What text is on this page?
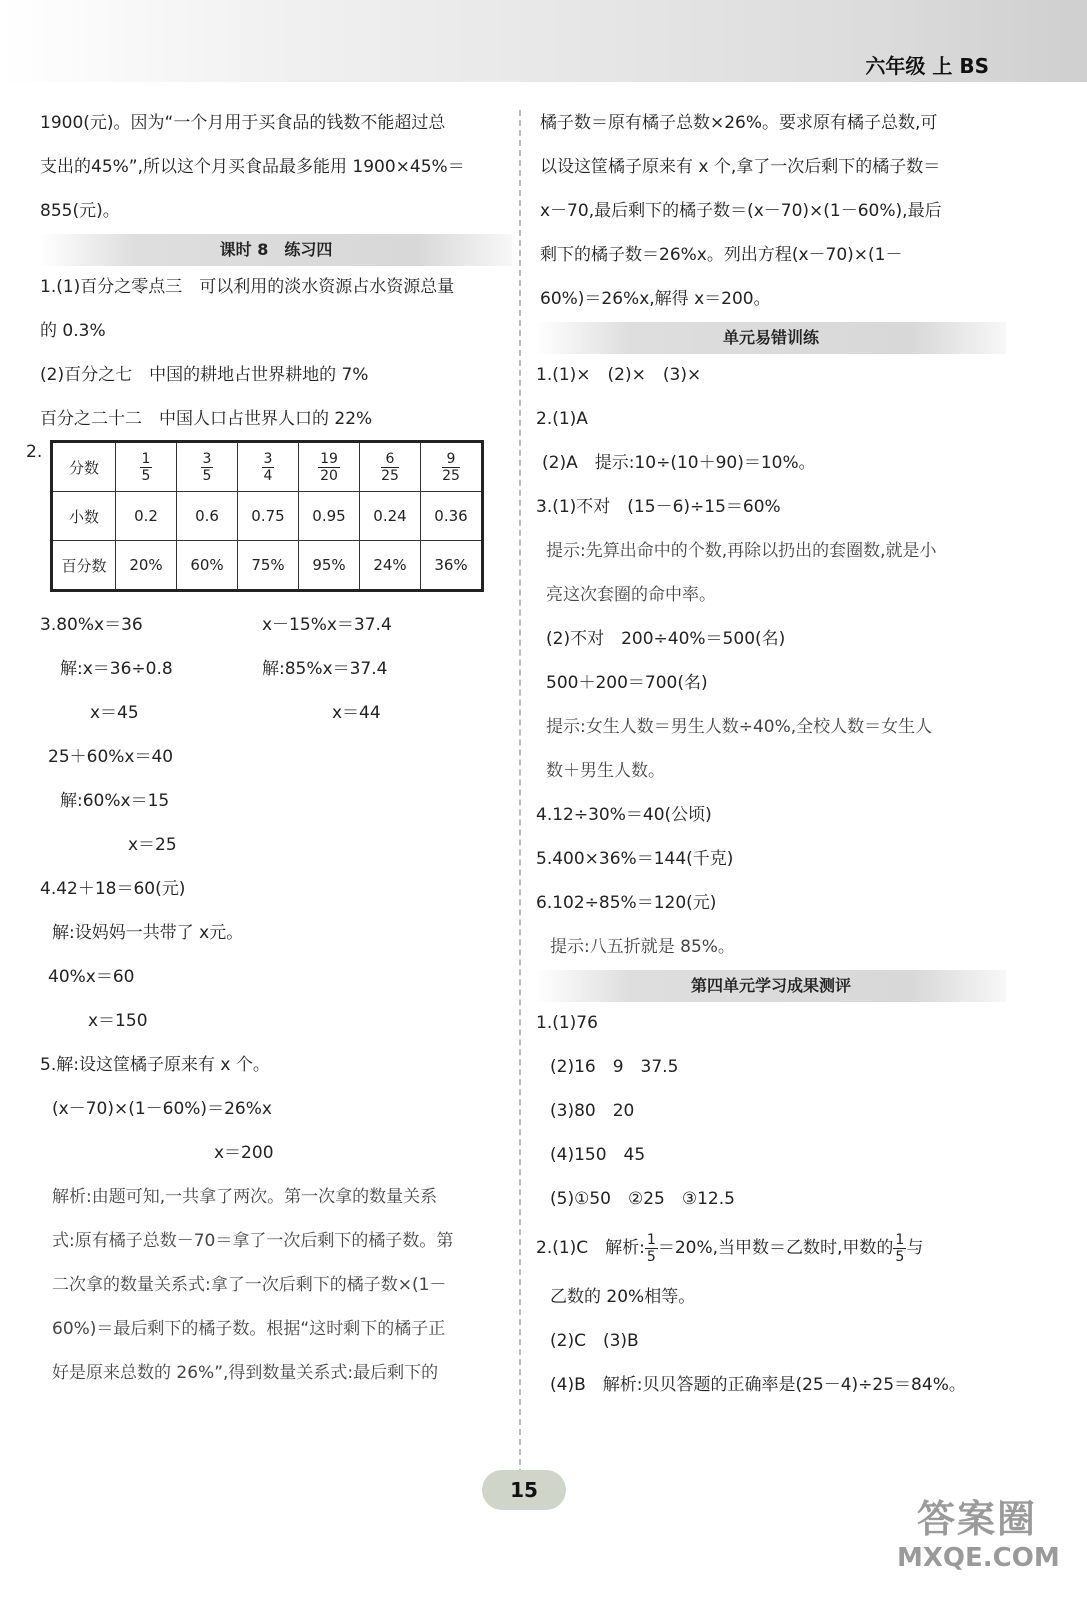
六年级 上 BS
1900(元)。因为“一个月用于买食品的钱数不能超过总
支出的45%”,所以这个月买食品最多能用 1900×45%＝
855(元)。
课时 8　练习四
1.(1)百分之零点三　可以利用的淡水资源占水资源总量
的 0.3%
(2)百分之七　中国的耕地占世界耕地的 7%
百分之二十二　中国人口占世界人口的 22%
2.
分数	$\frac{1}{5}$	$\frac{3}{5}$	$\frac{3}{4}$	$\frac{19}{20}$	$\frac{6}{25}$	$\frac{9}{25}$

小数	0.2	0.6	0.75	0.95	0.24	0.36
百分数	20%	60%	75%	95%	24%	36%
3.80%x＝36	x－15%x＝37.4
解:x＝36÷0.8	解:85%x＝37.4
x＝45	x＝44
25＋60%x＝40
解:60%x＝15
x＝25
4.42＋18＝60(元)
解:设妈妈一共带了 x元。
40%x＝60
x＝150
5.解:设这筐橘子原来有 x 个。
(x－70)×(1－60%)＝26%x
x＝200
解析:由题可知,一共拿了两次。第一次拿的数量关系
式:原有橘子总数－70＝拿了一次后剩下的橘子数。第
二次拿的数量关系式:拿了一次后剩下的橘子数×(1－
60%)＝最后剩下的橘子数。根据“这时剩下的橘子正
好是原来总数的 26%”,得到数量关系式:最后剩下的
橘子数＝原有橘子总数×26%。要求原有橘子总数,可
以设这筐橘子原来有 x 个,拿了一次后剩下的橘子数＝
x－70,最后剩下的橘子数＝(x－70)×(1－60%),最后
剩下的橘子数＝26%x。列出方程(x－70)×(1－
60%)＝26%x,解得 x＝200。
单元易错训练
1.(1)×　(2)×　(3)×
2.(1)A
(2)A　提示:10÷(10＋90)＝10%。
3.(1)不对　(15－6)÷15＝60%
提示:先算出命中的个数,再除以扔出的套圈数,就是小
亮这次套圈的命中率。
(2)不对　200÷40%＝500(名)
500＋200＝700(名)
提示:女生人数＝男生人数÷40%,全校人数＝女生人
数＋男生人数。
4.12÷30%＝40(公顷)
5.400×36%＝144(千克)
6.102÷85%＝120(元)
提示:八五折就是 85%。
第四单元学习成果测评
1.(1)76
(2)16　9　37.5
(3)80　20
(4)150　45
(5)①50　②25　③12.5
2.(1)C　解析: $\frac{1}{5} =20\%$,当甲数＝乙数时,甲数的 $\frac{1}{5}$ 与
乙数的 20%相等。
(2)C　(3)B
(4)B　解析:贝贝答题的正确率是(25－4)÷25＝84%。
15
答案圈
MXQE.COM
